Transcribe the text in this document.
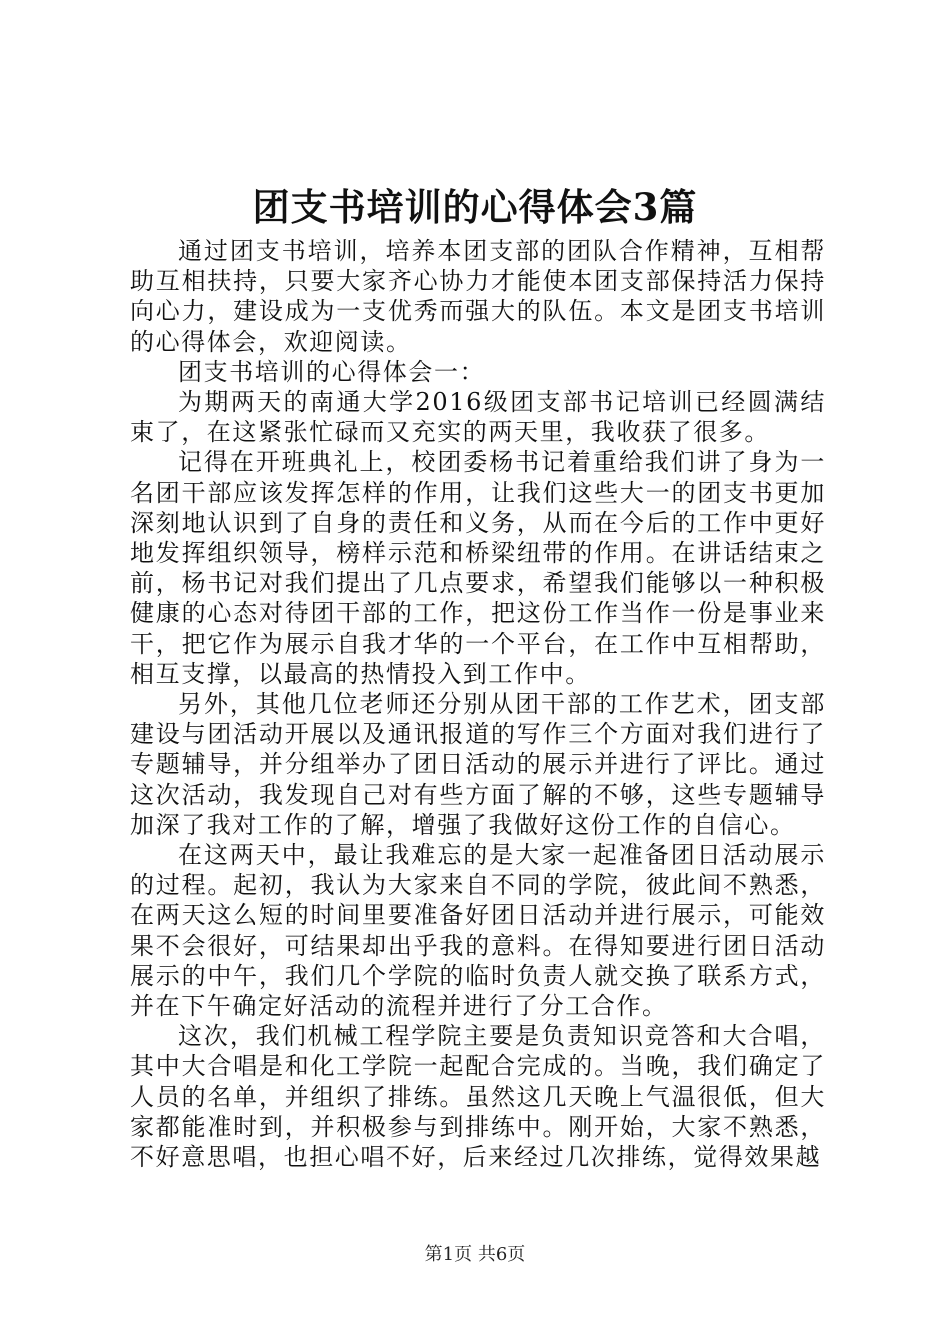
团支书培训的心得体会3篇

通过团支书培训，培养本团支部的团队合作精神，互相帮助互相扶持，只要大家齐心协力才能使本团支部保持活力保持向心力，建设成为一支优秀而强大的队伍。本文是团支书培训的心得体会，欢迎阅读。

团支书培训的心得体会一：

为期两天的南通大学2016级团支部书记培训已经圆满结束了，在这紧张忙碌而又充实的两天里，我收获了很多。

记得在开班典礼上，校团委杨书记着重给我们讲了身为一名团干部应该发挥怎样的作用，让我们这些大一的团支书更加深刻地认识到了自身的责任和义务，从而在今后的工作中更好地发挥组织领导，榜样示范和桥梁纽带的作用。在讲话结束之前，杨书记对我们提出了几点要求，希望我们能够以一种积极健康的心态对待团干部的工作，把这份工作当作一份是事业来干，把它作为展示自我才华的一个平台，在工作中互相帮助，相互支撑，以最高的热情投入到工作中。

另外，其他几位老师还分别从团干部的工作艺术，团支部建设与团活动开展以及通讯报道的写作三个方面对我们进行了专题辅导，并分组举办了团日活动的展示并进行了评比。通过这次活动，我发现自己对有些方面了解的不够，这些专题辅导加深了我对工作的了解，增强了我做好这份工作的自信心。

在这两天中，最让我难忘的是大家一起准备团日活动展示的过程。起初，我认为大家来自不同的学院，彼此间不熟悉，在两天这么短的时间里要准备好团日活动并进行展示，可能效果不会很好，可结果却出乎我的意料。在得知要进行团日活动展示的中午，我们几个学院的临时负责人就交换了联系方式，并在下午确定好活动的流程并进行了分工合作。

这次，我们机械工程学院主要是负责知识竞答和大合唱，其中大合唱是和化工学院一起配合完成的。当晚，我们确定了人员的名单，并组织了排练。虽然这几天晚上气温很低，但大家都能准时到，并积极参与到排练中。刚开始，大家不熟悉，不好意思唱，也担心唱不好，后来经过几次排练，觉得效果越

第1页 共6页
